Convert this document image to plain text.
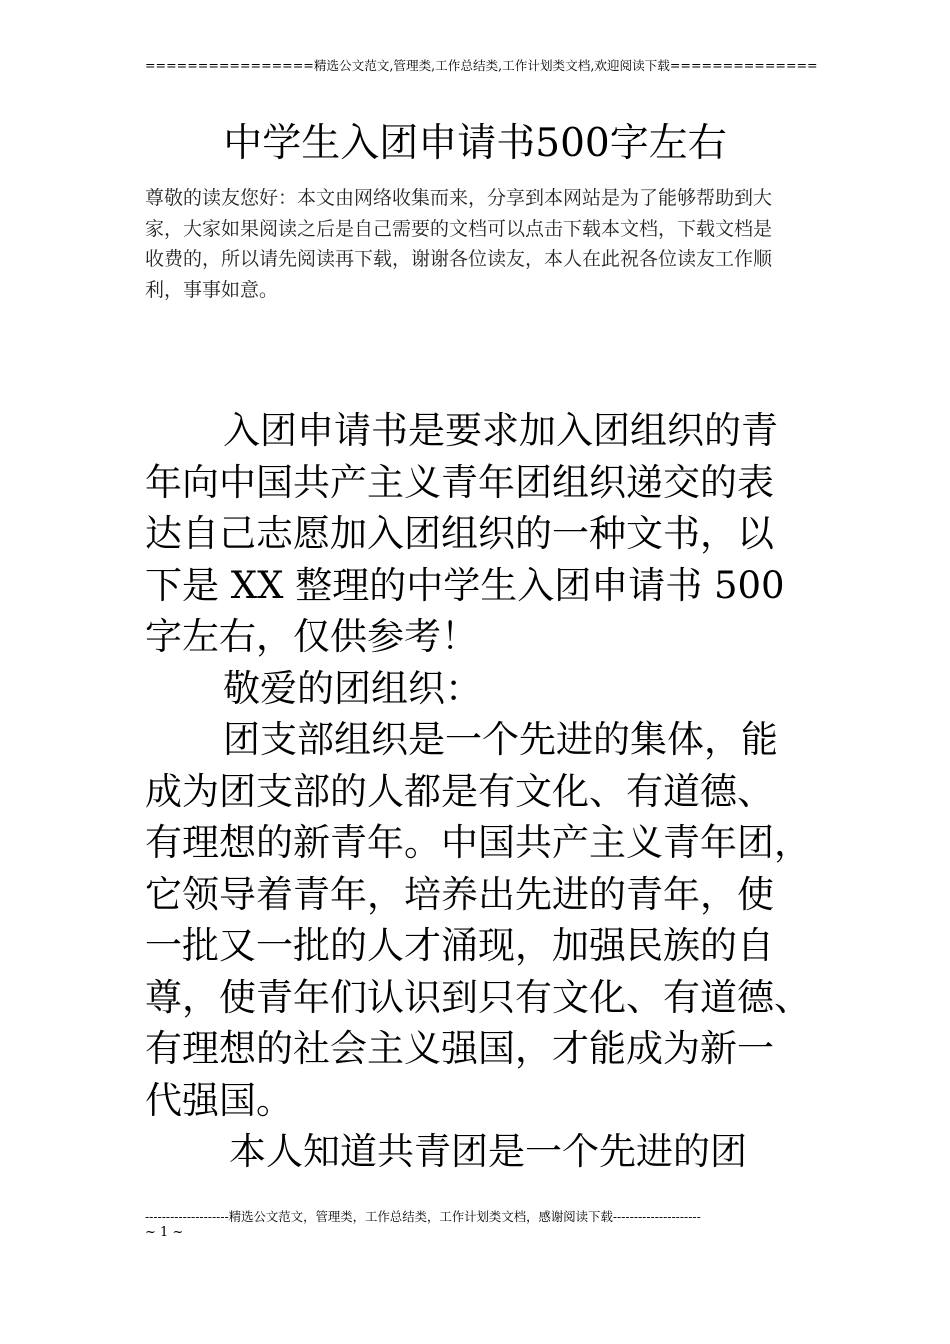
================精选公文范文,管理类,工作总结类,工作计划类文档,欢迎阅读下载==============
中学生入团申请书500字左右
尊敬的读友您好：本文由网络收集而来，分享到本网站是为了能够帮助到大
家，大家如果阅读之后是自己需要的文档可以点击下载本文档，下载文档是
收费的，所以请先阅读再下载，谢谢各位读友，本人在此祝各位读友工作顺
利，事事如意。
入团申请书是要求加入团组织的青
年向中国共产主义青年团组织递交的表
达自己志愿加入团组织的一种文书，以
下是 XX 整理的中学生入团申请书 500
字左右，仅供参考！
敬爱的团组织：
团支部组织是一个先进的集体，能
成为团支部的人都是有文化、有道德、
有理想的新青年。中国共产主义青年团，
它领导着青年，培养出先进的青年，使
一批又一批的人才涌现，加强民族的自
尊，使青年们认识到只有文化、有道德、
有理想的社会主义强国，才能成为新一
代强国。
本人知道共青团是一个先进的团
--------------------精选公文范文，管理类，工作总结类，工作计划类文档，感谢阅读下载---------------------
~ 1 ~
